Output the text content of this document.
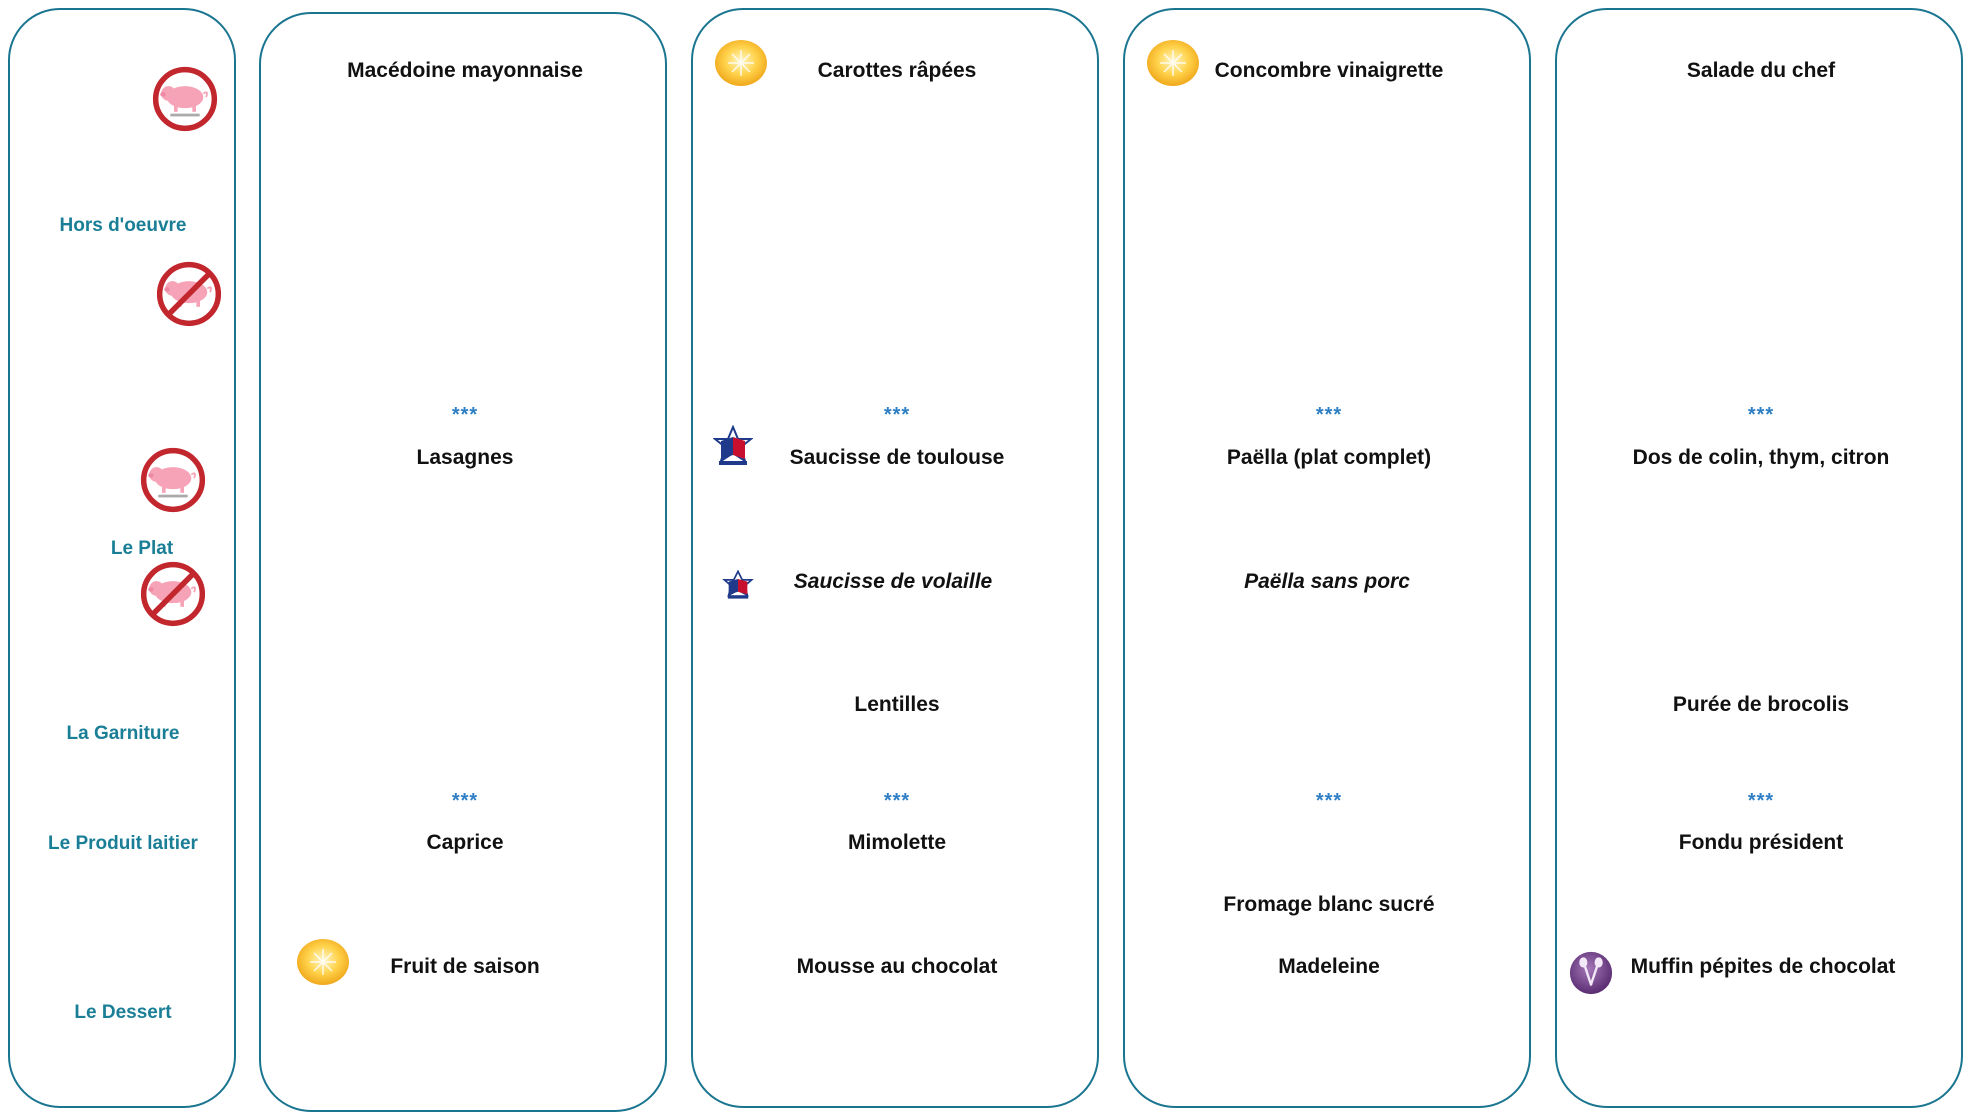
Hors d'oeuvre
Le Plat
La Garniture
Le Produit laitier
Le Dessert
Macédoine mayonnaise
***
Lasagnes
***
Caprice
Fruit de saison
Carottes râpées
***
Saucisse de toulouse
Saucisse de volaille
Lentilles
***
Mimolette
Mousse au chocolat
Concombre vinaigrette
***
Paëlla (plat complet)
Paëlla sans porc
***
Fromage blanc sucré
Madeleine
Salade du chef
***
Dos de colin, thym, citron
Purée de brocolis
***
Fondu président
Muffin pépites de chocolat
